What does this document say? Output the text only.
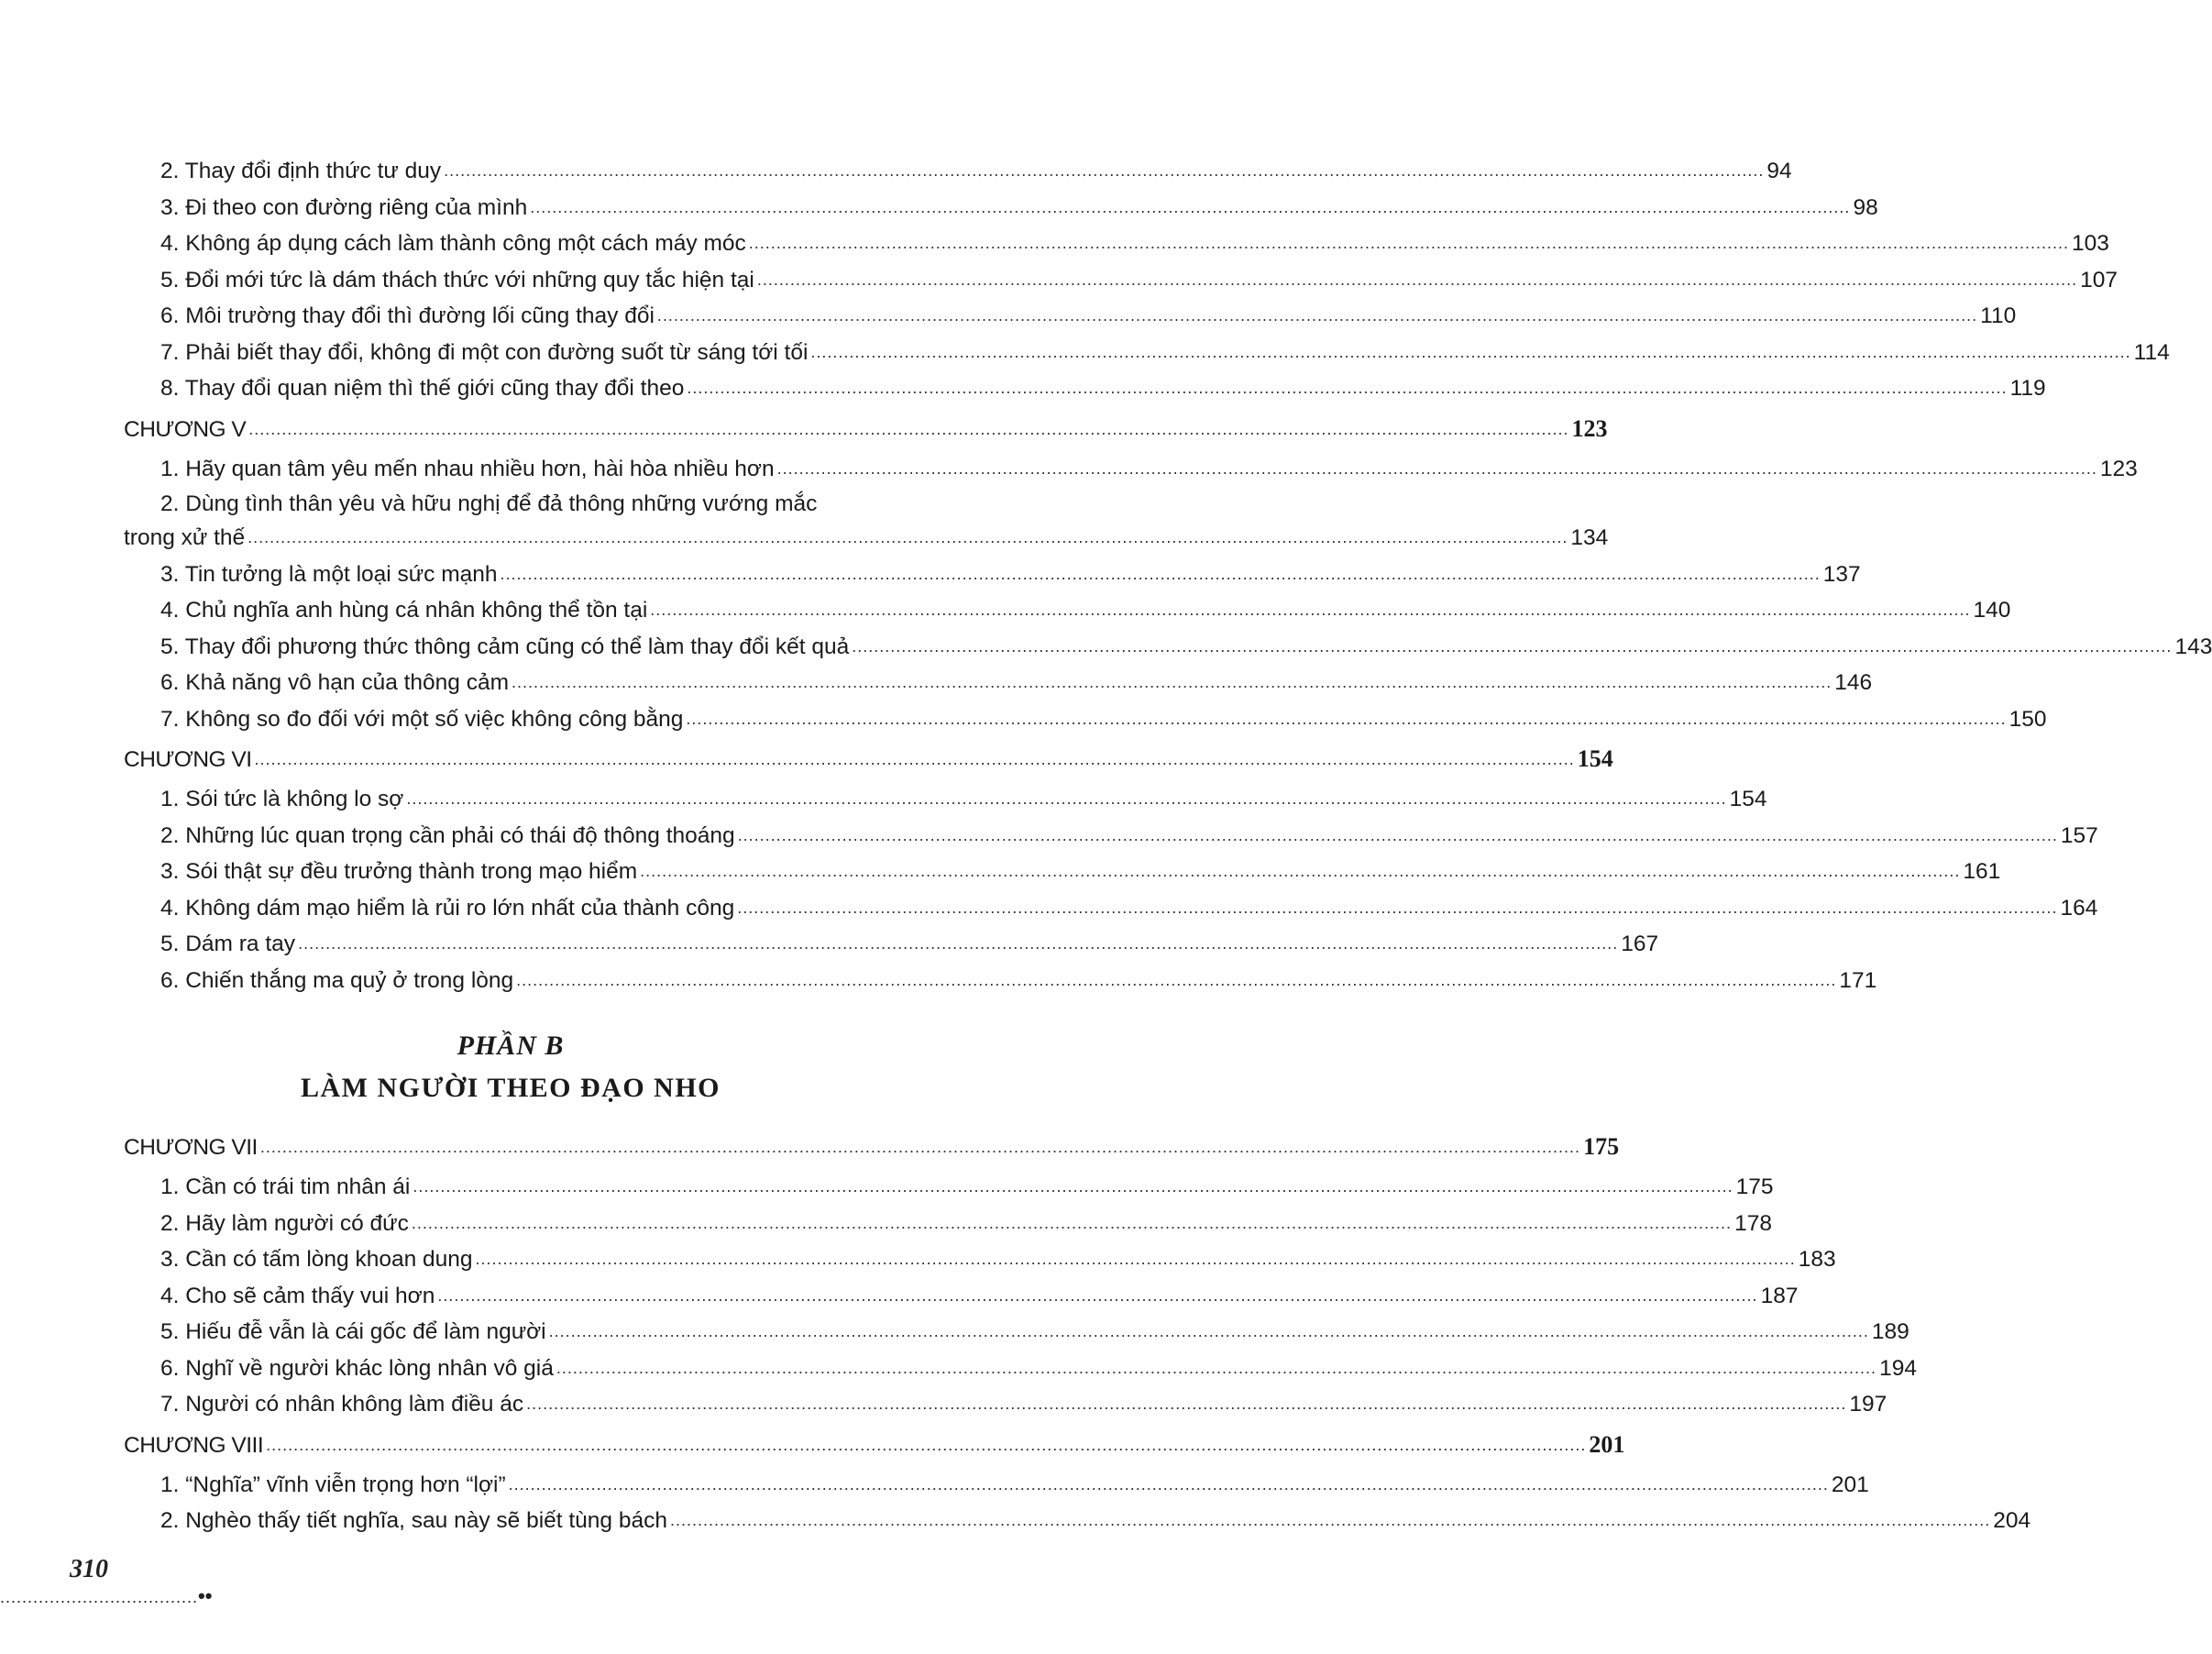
2. Thay đổi định thức tư duy .....	94
3. Đi theo con đường riêng của mình .....	98
4. Không áp dụng cách làm thành công một cách máy móc .....	103
5. Đổi mới tức là dám thách thức với những quy tắc hiện tại .....	107
6. Môi trường thay đổi thì đường lối cũng thay đổi .....	110
7. Phải biết thay đổi, không đi một con đường suốt từ sáng tới tối .....	114
8. Thay đổi quan niệm thì thế giới cũng thay đổi theo .....	119
CHƯƠNG V .....	123
1. Hãy quan tâm yêu mến nhau nhiều hơn, hài hòa nhiều hơn .....	123
2. Dùng tình thân yêu và hữu nghị để đả thông những vướng mắc
trong xử thế .....	134
3. Tin tưởng là một loại sức mạnh .....	137
4. Chủ nghĩa anh hùng cá nhân không thể tồn tại .....	140
5. Thay đổi phương thức thông cảm cũng có thể làm thay đổi kết quả .....	143
6. Khả năng vô hạn của thông cảm .....	146
7. Không so đo đối với một số việc không công bằng .....	150
CHƯƠNG VI .....	154
1. Sói tức là không lo sợ .....	154
2. Những lúc quan trọng cần phải có thái độ thông thoáng .....	157
3. Sói thật sự đều trưởng thành trong mạo hiểm .....	161
4. Không dám mạo hiểm là rủi ro lớn nhất của thành công .....	164
5. Dám ra tay .....	167
6. Chiến thắng ma quỷ ở trong lòng .....	171
PHẦN B
LÀM NGƯỜI THEO ĐẠO NHO
CHƯƠNG VII .....	175
1. Cần có trái tim nhân ái .....	175
2. Hãy làm người có đức .....	178
3. Cần có tấm lòng khoan dung .....	183
4. Cho sẽ cảm thấy vui hơn .....	187
5. Hiếu đễ vẫn là cái gốc để làm người .....	189
6. Nghĩ về người khác lòng nhân vô giá .....	194
7. Người có nhân không làm điều ác .....	197
CHƯƠNG VIII .....	201
1. “Nghĩa” vĩnh viễn trọng hơn “lợi” .....	201
2. Nghèo thấy tiết nghĩa, sau này sẽ biết tùng bách .....	204
310
....................................••
